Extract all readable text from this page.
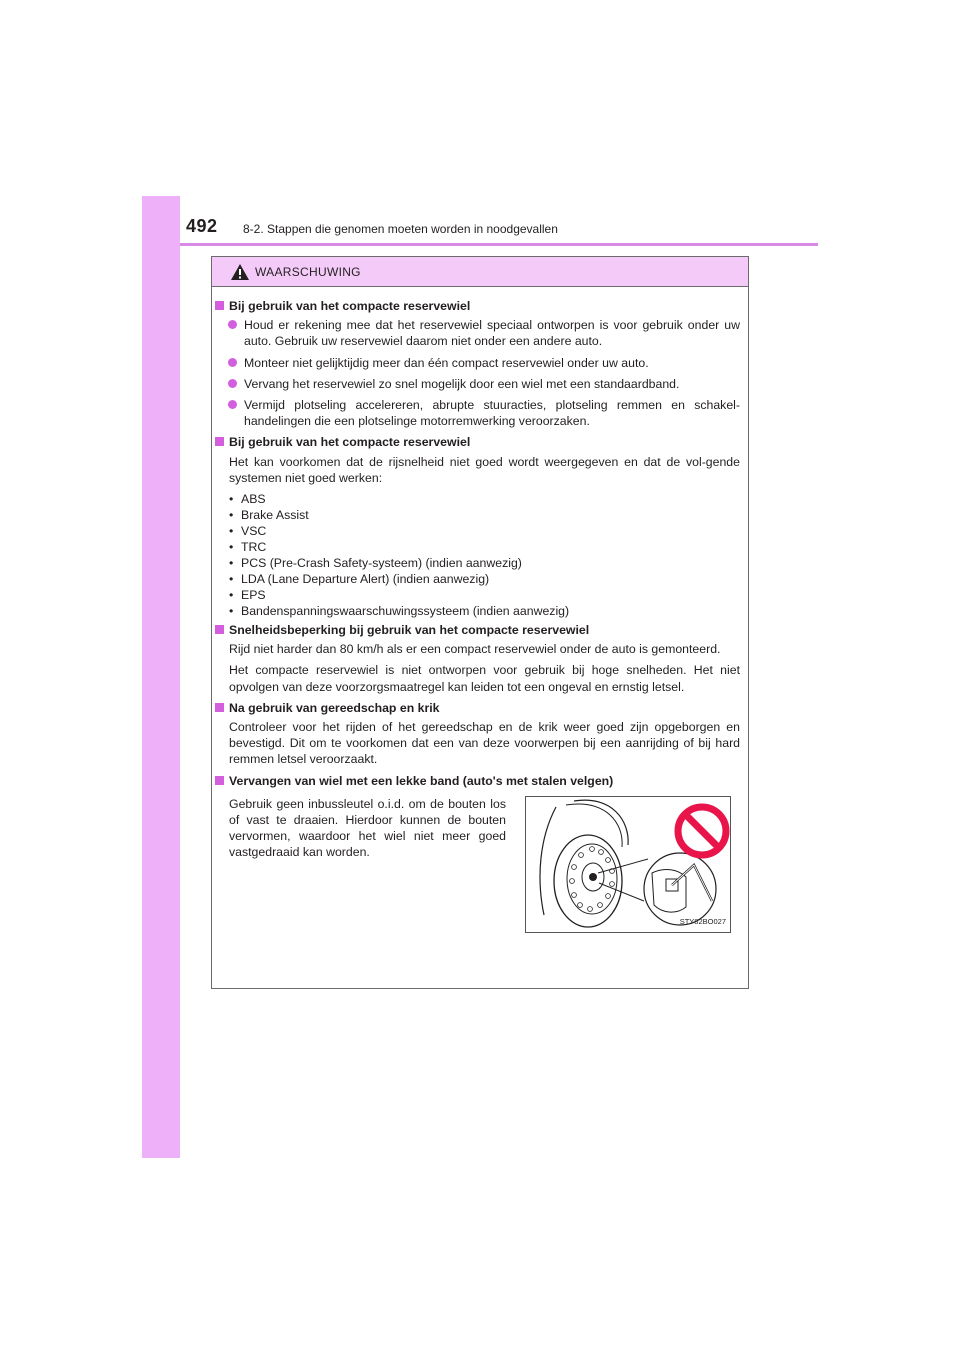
492 8-2. Stappen die genomen moeten worden in noodgevallen
WAARSCHUWING
Bij gebruik van het compacte reservewiel
Houd er rekening mee dat het reservewiel speciaal ontworpen is voor gebruik onder uw auto. Gebruik uw reservewiel daarom niet onder een andere auto.
Monteer niet gelijktijdig meer dan één compact reservewiel onder uw auto.
Vervang het reservewiel zo snel mogelijk door een wiel met een standaardband.
Vermijd plotseling accelereren, abrupte stuuracties, plotseling remmen en schakel-handelingen die een plotselinge motorremwerking veroorzaken.
Bij gebruik van het compacte reservewiel
Het kan voorkomen dat de rijsnelheid niet goed wordt weergegeven en dat de vol-gende systemen niet goed werken:
• ABS
• Brake Assist
• VSC
• TRC
• PCS (Pre-Crash Safety-systeem) (indien aanwezig)
• LDA (Lane Departure Alert) (indien aanwezig)
• EPS
• Bandenspanningswaarschuwingssysteem (indien aanwezig)
Snelheidsbeperking bij gebruik van het compacte reservewiel
Rijd niet harder dan 80 km/h als er een compact reservewiel onder de auto is gemonteerd.
Het compacte reservewiel is niet ontworpen voor gebruik bij hoge snelheden. Het niet opvolgen van deze voorzorgsmaatregel kan leiden tot een ongeval en ernstig letsel.
Na gebruik van gereedschap en krik
Controleer voor het rijden of het gereedschap en de krik weer goed zijn opgeborgen en bevestigd. Dit om te voorkomen dat een van deze voorwerpen bij een aanrijding of bij hard remmen letsel veroorzaakt.
Vervangen van wiel met een lekke band (auto's met stalen velgen)
Gebruik geen inbussleutel o.i.d. om de bouten los of vast te draaien. Hierdoor kunnen de bouten vervormen, waardoor het wiel niet meer goed vastgedraaid kan worden.
STY82BO027
